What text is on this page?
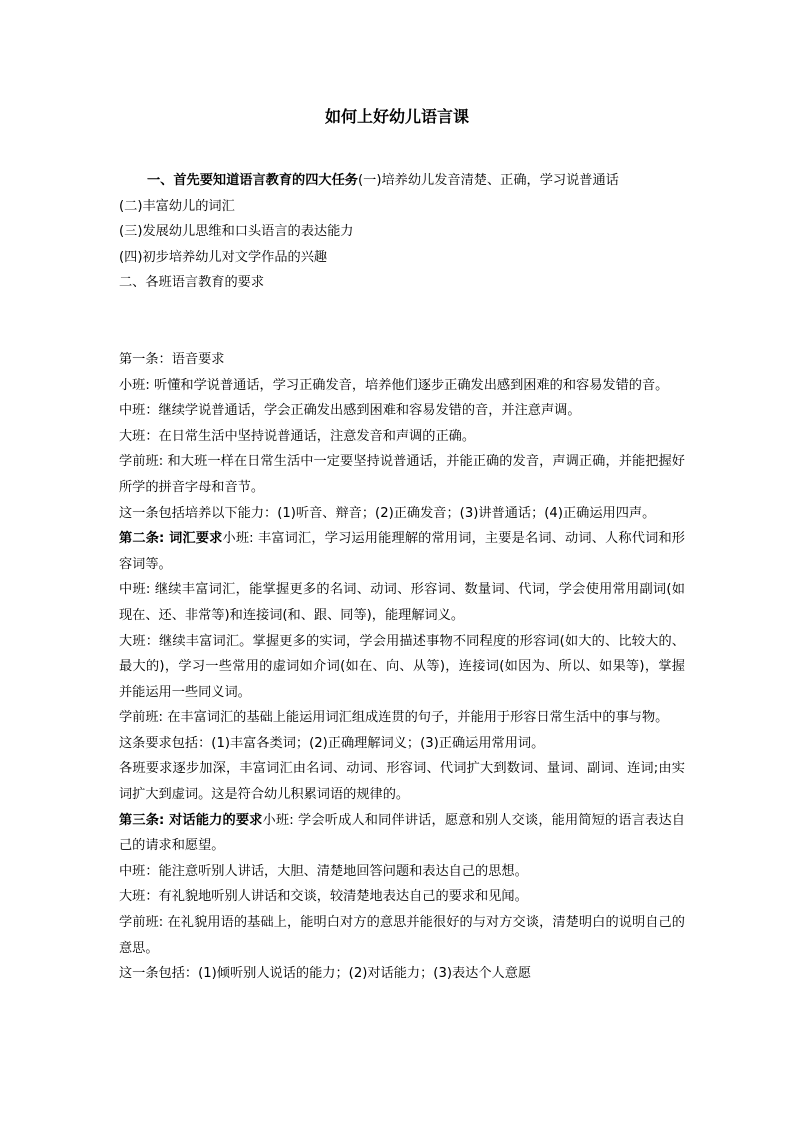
如何上好幼儿语言课

一、首先要知道语言教育的四大任务(一)培养幼儿发音清楚、正确，学习说普通话

(二)丰富幼儿的词汇

(三)发展幼儿思维和口头语言的表达能力

(四)初步培养幼儿对文学作品的兴趣

二、各班语言教育的要求

第一条：语音要求

小班: 听懂和学说普通话，学习正确发音，培养他们逐步正确发出感到困难的和容易发错的音。

中班：继续学说普通话，学会正确发出感到困难和容易发错的音，并注意声调。

大班：在日常生活中坚持说普通话，注意发音和声调的正确。

学前班: 和大班一样在日常生活中一定要坚持说普通话，并能正确的发音，声调正确，并能把握好所学的拼音字母和音节。

这一条包括培养以下能力：(1)听音、辩音；(2)正确发音；(3)讲普通话；(4)正确运用四声。

第二条: 词汇要求小班: 丰富词汇，学习运用能理解的常用词，主要是名词、动词、人称代词和形容词等。

中班: 继续丰富词汇，能掌握更多的名词、动词、形容词、数量词、代词，学会使用常用副词(如现在、还、非常等)和连接词(和、跟、同等)，能理解词义。

大班：继续丰富词汇。掌握更多的实词，学会用描述事物不同程度的形容词(如大的、比较大的、最大的)，学习一些常用的虚词如介词(如在、向、从等)，连接词(如因为、所以、如果等)，掌握并能运用一些同义词。

学前班: 在丰富词汇的基础上能运用词汇组成连贯的句子，并能用于形容日常生活中的事与物。

这条要求包括：(1)丰富各类词；(2)正确理解词义；(3)正确运用常用词。

各班要求逐步加深，丰富词汇由名词、动词、形容词、代词扩大到数词、量词、副词、连词;由实词扩大到虚词。这是符合幼儿积累词语的规律的。

第三条: 对话能力的要求小班: 学会听成人和同伴讲话，愿意和别人交谈，能用简短的语言表达自己的请求和愿望。

中班：能注意听别人讲话，大胆、清楚地回答问题和表达自己的思想。

大班：有礼貌地听别人讲话和交谈，较清楚地表达自己的要求和见闻。

学前班: 在礼貌用语的基础上，能明白对方的意思并能很好的与对方交谈，清楚明白的说明自己的意思。

这一条包括：(1)倾听别人说话的能力；(2)对话能力；(3)表达个人意愿
